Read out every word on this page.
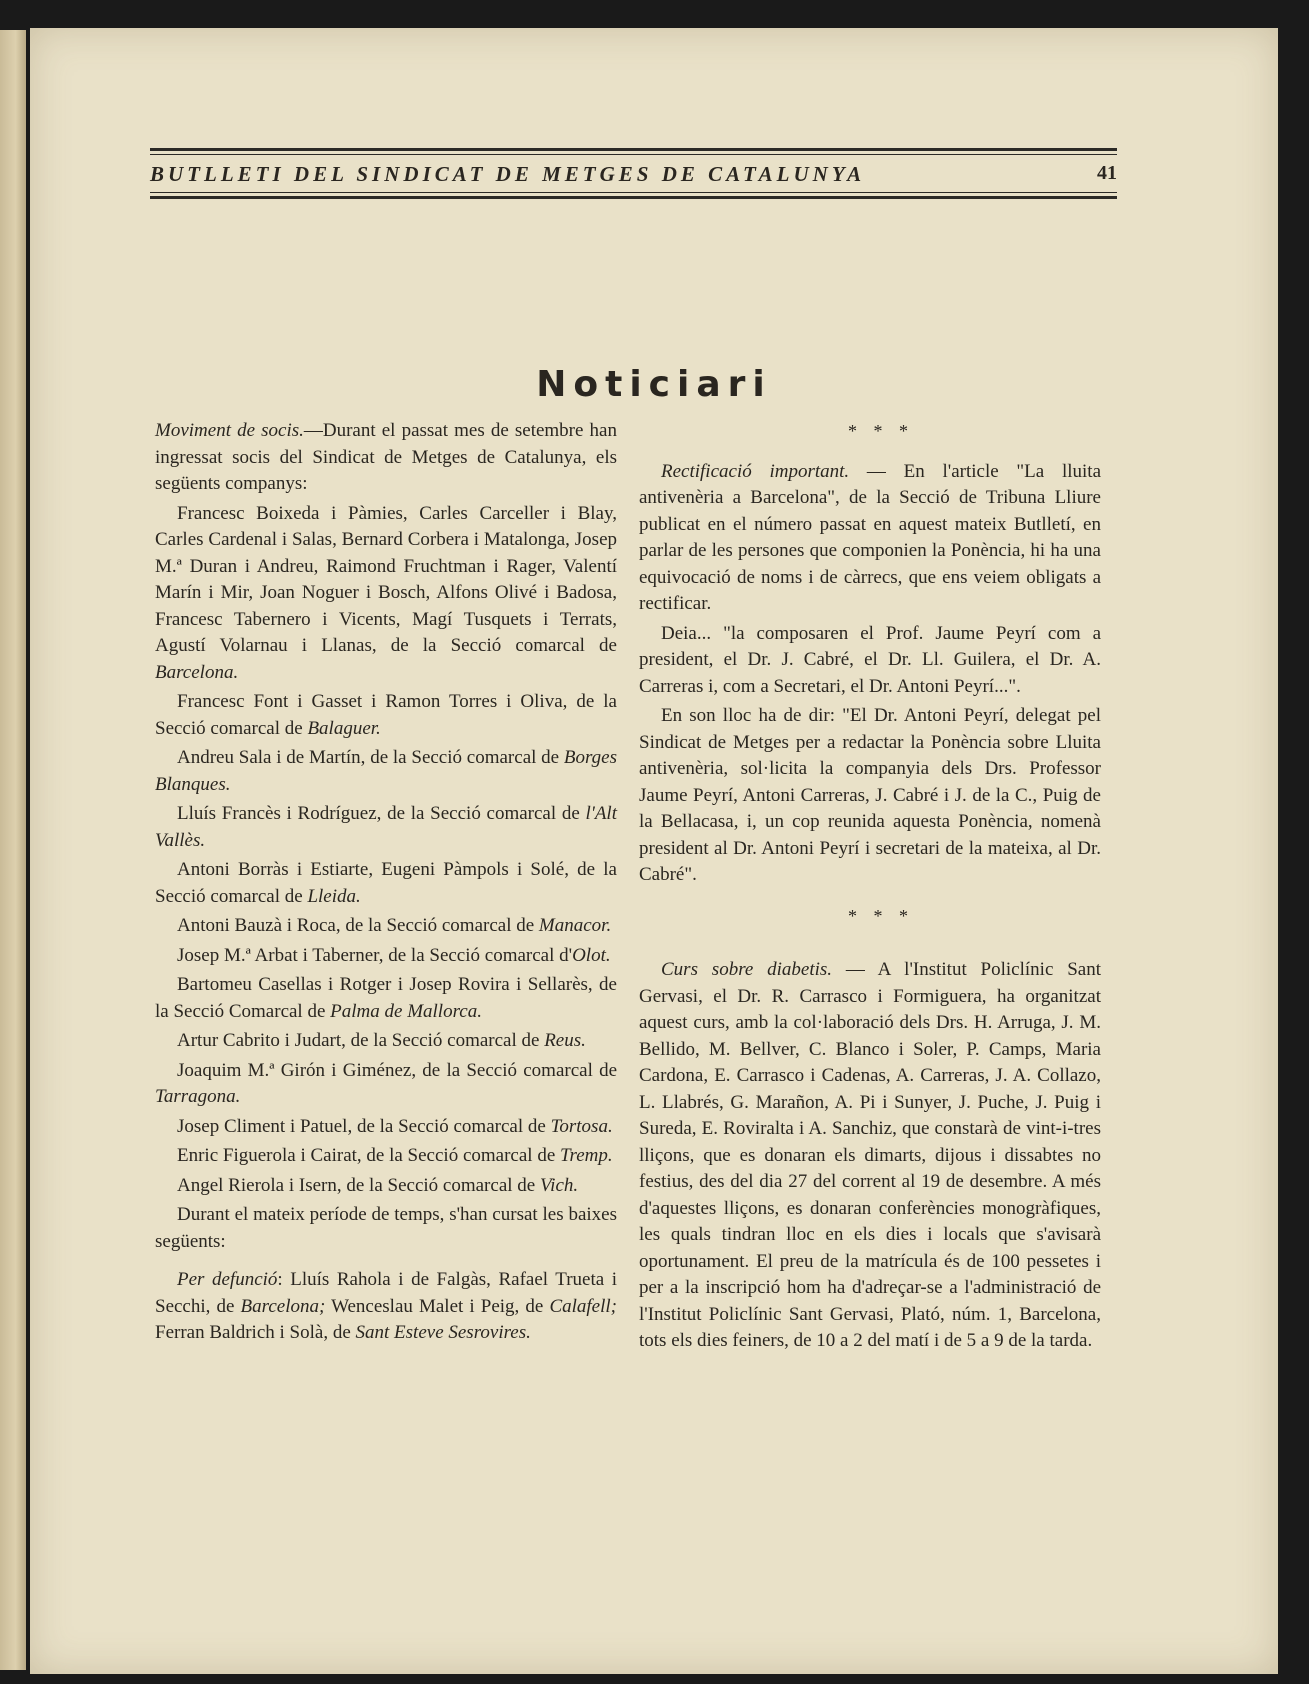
BUTLLETI DEL SINDICAT DE METGES DE CATALUNYA	41
Noticiari

Moviment de socis.—Durant el passat mes de setembre han ingressat socis del Sindicat de Metges de Catalunya, els següents companys:

Francesc Boixeda i Pàmies, Carles Carceller i Blay, Carles Cardenal i Salas, Bernard Corbera i Matalonga, Josep M.ª Duran i Andreu, Raimond Fruchtman i Rager, Valentí Marín i Mir, Joan Noguer i Bosch, Alfons Olivé i Badosa, Francesc Tabernero i Vicents, Magí Tusquets i Terrats, Agustí Volarnau i Llanas, de la Secció comarcal de Barcelona.

Francesc Font i Gasset i Ramon Torres i Oliva, de la Secció comarcal de Balaguer.

Andreu Sala i de Martín, de la Secció comarcal de Borges Blanques.

Lluís Francès i Rodríguez, de la Secció comarcal de l'Alt Vallès.

Antoni Borràs i Estiarte, Eugeni Pàmpols i Solé, de la Secció comarcal de Lleida.

Antoni Bauzà i Roca, de la Secció comarcal de Manacor.

Josep M.ª Arbat i Taberner, de la Secció comarcal d'Olot.

Bartomeu Casellas i Rotger i Josep Rovira i Sellarès, de la Secció Comarcal de Palma de Mallorca.

Artur Cabrito i Judart, de la Secció comarcal de Reus.

Joaquim M.ª Girón i Giménez, de la Secció comarcal de Tarragona.

Josep Climent i Patuel, de la Secció comarcal de Tortosa.

Enric Figuerola i Cairat, de la Secció comarcal de Tremp.

Angel Rierola i Isern, de la Secció comarcal de Vich.

Durant el mateix període de temps, s'han cursat les baixes següents:

Per defunció: Lluís Rahola i de Falgàs, Rafael Trueta i Secchi, de Barcelona; Wenceslau Malet i Peig, de Calafell; Ferran Baldrich i Solà, de Sant Esteve Sesrovires.

* * *

Rectificació important. — En l'article "La lluita antivenèria a Barcelona", de la Secció de Tribuna Lliure publicat en el número passat en aquest mateix Butlletí, en parlar de les persones que componien la Ponència, hi ha una equivocació de noms i de càrrecs, que ens veiem obligats a rectificar.

Deia... "la composaren el Prof. Jaume Peyrí com a president, el Dr. J. Cabré, el Dr. Ll. Guilera, el Dr. A. Carreras i, com a Secretari, el Dr. Antoni Peyrí...".

En son lloc ha de dir: "El Dr. Antoni Peyrí, delegat pel Sindicat de Metges per a redactar la Ponència sobre Lluita antivenèria, sol·licita la companyia dels Drs. Professor Jaume Peyrí, Antoni Carreras, J. Cabré i J. de la C., Puig de la Bellacasa, i, un cop reunida aquesta Ponència, nomenà president al Dr. Antoni Peyrí i secretari de la mateixa, al Dr. Cabré".

* * *

Curs sobre diabetis. — A l'Institut Policlínic Sant Gervasi, el Dr. R. Carrasco i Formiguera, ha organitzat aquest curs, amb la col·laboració dels Drs. H. Arruga, J. M. Bellido, M. Bellver, C. Blanco i Soler, P. Camps, Maria Cardona, E. Carrasco i Cadenas, A. Carreras, J. A. Collazo, L. Llabrés, G. Marañon, A. Pi i Sunyer, J. Puche, J. Puig i Sureda, E. Roviralta i A. Sanchiz, que constarà de vint-i-tres lliçons, que es donaran els dimarts, dijous i dissabtes no festius, des del dia 27 del corrent al 19 de desembre. A més d'aquestes lliçons, es donaran conferències monogràfiques, les quals tindran lloc en els dies i locals que s'avisarà oportunament. El preu de la matrícula és de 100 pessetes i per a la inscripció hom ha d'adreçar-se a l'administració de l'Institut Policlínic Sant Gervasi, Plató, núm. 1, Barcelona, tots els dies feiners, de 10 a 2 del matí i de 5 a 9 de la tarda.
